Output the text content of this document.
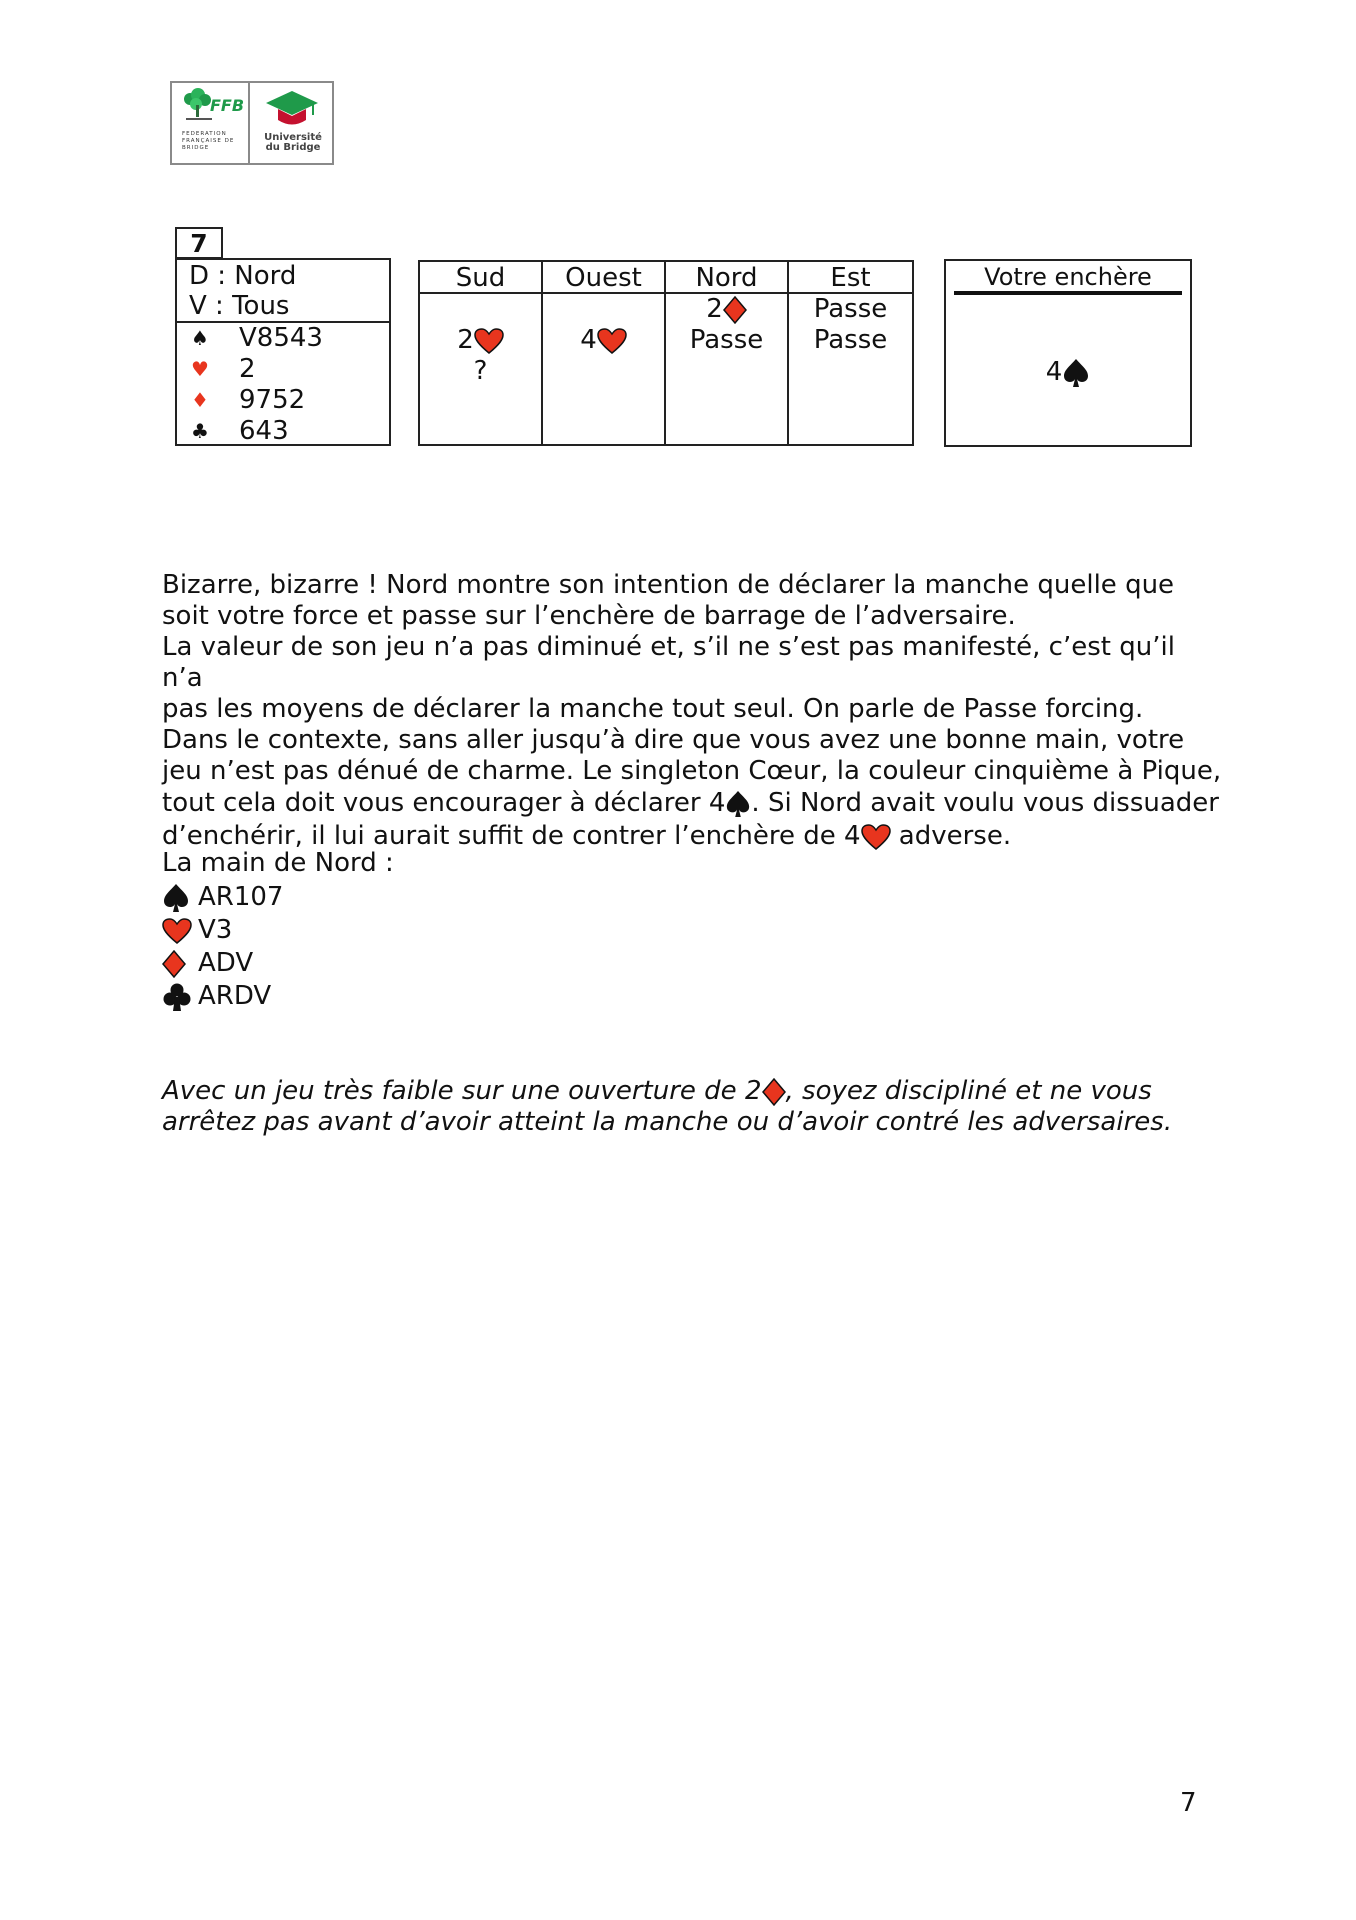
FFB
FEDERATION FRANÇAISE DE BRIDGE
Université
du Bridge
7
D : Nord
V : Tous
♠ V8543
♥ 2
♦ 9752
♣ 643
Sud
2
?
Ouest
4
Nord
2
Passe
Est
Passe
Passe
Votre enchère
4

Bizarre, bizarre ! Nord montre son intention de déclarer la manche quelle que

soit votre force et passe sur l’enchère de barrage de l’adversaire.

La valeur de son jeu n’a pas diminué et, s’il ne s’est pas manifesté, c’est qu’il n’a

pas les moyens de déclarer la manche tout seul. On parle de Passe forcing.

Dans le contexte, sans aller jusqu’à dire que vous avez une bonne main, votre

jeu n’est pas dénué de charme. Le singleton Cœur, la couleur cinquième à Pique,

tout cela doit vous encourager à déclarer 4 . Si Nord avait voulu vous dissuader

d’enchérir, il lui aurait suffit de contrer l’enchère de 4 adverse.

La main de Nord :

AR107
V3
ADV
ARDV

Avec un jeu très faible sur une ouverture de 2 , soyez discipliné et ne vous

arrêtez pas avant d’avoir atteint la manche ou d’avoir contré les adversaires.

7
